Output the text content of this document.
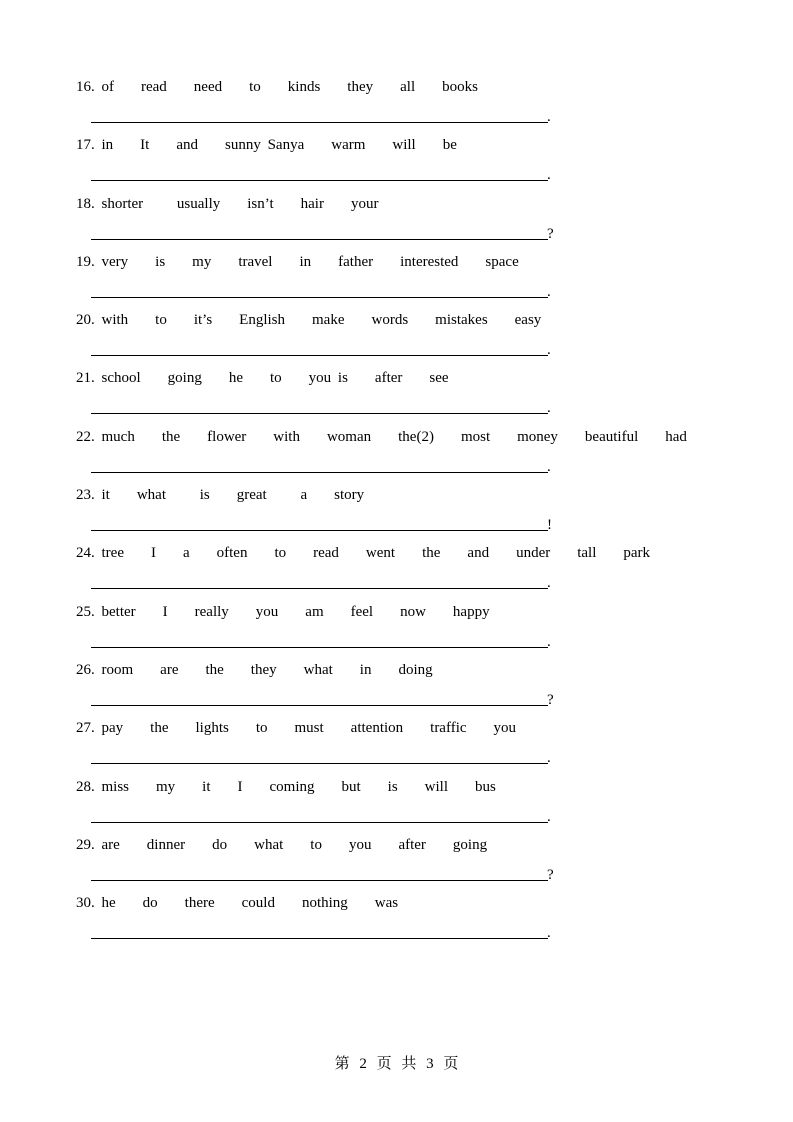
16. of    read    need    to    kinds    they    all    books
.
17. in    It    and    sunny Sanya    warm    will    be
.
18. shorter     usually    isn’t    hair    your
?
19. very    is    my    travel    in    father    interested    space
.
20. with    to    it’s    English    make    words    mistakes    easy
.
21. school    going    he    to    you is    after    see
.
22. much    the    flower    with    woman    the(2)    most    money    beautiful    had
.
23. it    what     is    great     a    story
!
24. tree    I    a    often    to    read    went    the    and    under    tall    park
.
25. better    I    really    you    am    feel    now    happy
.
26. room    are    the    they    what    in    doing
?
27. pay    the    lights    to    must    attention    traffic    you
.
28. miss    my    it    I    coming    but    is    will    bus
.
29. are    dinner    do    what    to    you    after    going
?
30. he    do    there    could    nothing    was
.
第 2 页 共 3 页
